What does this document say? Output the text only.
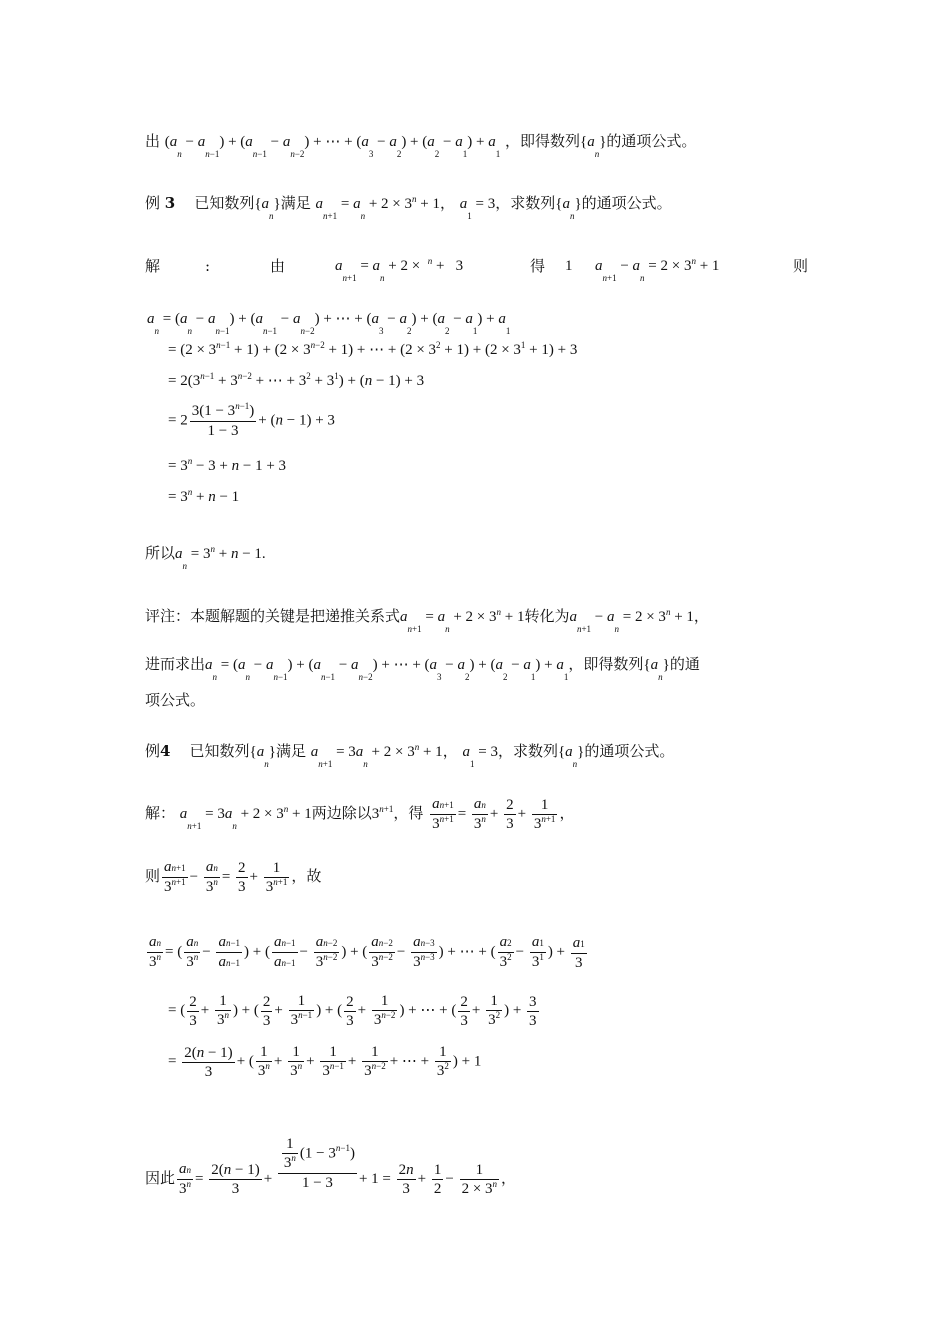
出 $(a_n - a_{n-1}) + (a_{n-1} - a_{n-2})$ + ⋯ + $(a_3 - a_2) + (a_2 - a_1) + a_1$ ，即得数列$\{a_n\}$的通项公式。
例 3 已知数列$\{a_n\}$满足 $a_{n+1} = a_n + 2 \times 3^n + 1$， $a_1 = 3$，求数列$\{a_n\}$的通项公式。
解	:	由	$a_{n+1} = a_n + 2 \times ^n + 3$	得 1 $a_{n+1} - a_n = 2 \times 3^n + 1$	则
$a_n = (a_n - a_{n-1}) + (a_{n-1} - a_{n-2})$ + ⋯ + $(a_3 - a_2) + (a_2 - a_1) + a_1$
= $(2 \times 3^{n-1} + 1) + (2 \times 3^{n-2} + 1)$ + ⋯ + $(2 \times 3^2 + 1) + (2 \times 3^1 + 1) + 3$
= $2(3^{n-1} + 3^{n-2}$ + ⋯ + $3^2 + 3^1) + (n - 1) + 3$
= $2 \frac{3(1 - 3^{n-1})}{1 - 3} + (n - 1) + 3$
= $3^n - 3 + n - 1 + 3$
= $3^n + n - 1$
所以$a_n = 3^n + n - 1$.
评注：本题解题的关键是把递推关系式$a_{n+1} = a_n + 2 \times 3^n + 1$转化为$a_{n+1} - a_n = 2 \times 3^n + 1$，
进而求出$a_n = (a_n - a_{n-1}) + (a_{n-1} - a_{n-2})$ + ⋯ + $(a_3 - a_2) + (a_2 - a_1) + a_1$，即得数列$\{a_n\}$的通
项公式。
例4 已知数列$\{a_n\}$满足 $a_{n+1} = 3a_n + 2 \times 3^n + 1$， $a_1 = 3$，求数列$\{a_n\}$的通项公式。
解： $a_{n+1} = 3a_n + 2 \times 3^n + 1$两边除以$3^{n+1}$，得 $\frac{an+1}{3^{n+1}} = \frac{an}{3^n} + \frac{2}{3} + \frac{1}{3^{n+1}}$ ，
则 $\frac{an+1}{3^{n+1}} - \frac{an}{3^n} = \frac{2}{3} + \frac{1}{3^{n+1}}$ ，故
$\frac{an}{3^n}$ = ( $\frac{an}{3^n} - \frac{an-1}{an-1}$ ) + ( $\frac{an-1}{an-1} - \frac{an-2}{3^{n-2}}$ ) + ( $\frac{an-2}{3^{n-2}} - \frac{an-3}{3^{n-3}}$ ) + ⋯ + ( $\frac{a2}{3^2} - \frac{a1}{3^1}$ ) + $\frac{a1}{3}$
= ( $\frac{2}{3} + \frac{1}{3^n}$ ) + ( $\frac{2}{3} + \frac{1}{3^{n-1}}$ ) + ( $\frac{2}{3} + \frac{1}{3^{n-2}}$ ) + ⋯ + ( $\frac{2}{3} + \frac{1}{3^2}$ ) + $\frac{3}{3}$
= $\frac{2(n - 1)}{3}$ + ( $\frac{1}{3^n} + \frac{1}{3^n} + \frac{1}{3^{n-1}} + \frac{1}{3^{n-2}}$ + ⋯ + $\frac{1}{3^2}$ ) + 1
因此 $\frac{an}{3^n} = \frac{2(n - 1)}{3} + \frac{\frac{1}{3^n} (1 - 3^{n-1})}{1 - 3} + 1 = \frac{2n}{3} + \frac{1}{2} - \frac{1}{2 \times 3^n}$ ，
